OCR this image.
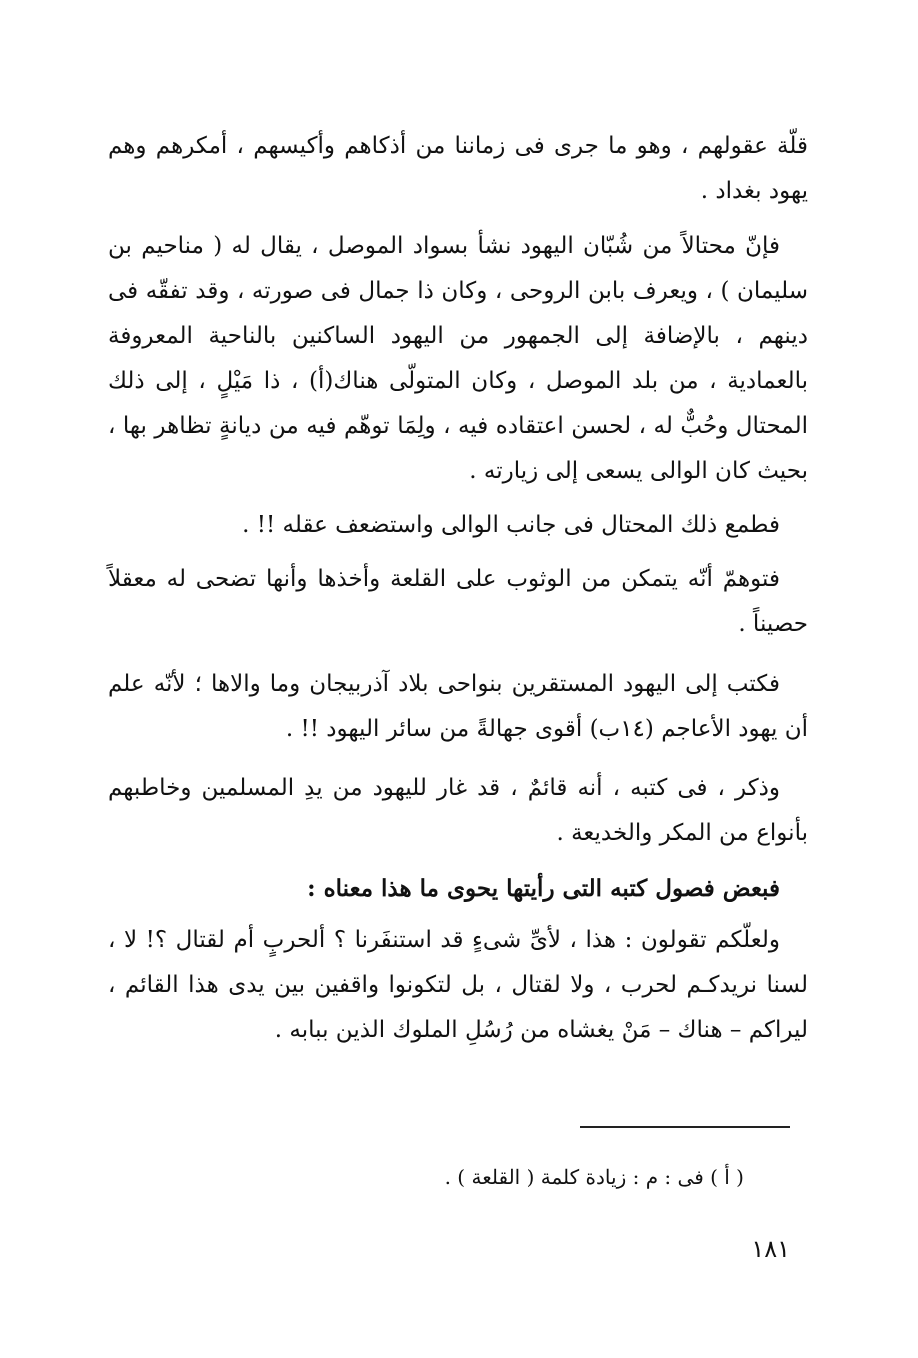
قلّة عقولهم ، وهو ما جرى فى زماننا من أذكاهم وأكيسهم ، أمكرهم وهم يهود بغداد .

فإنّ محتالاً من شُبّان اليهود نشأ بسواد الموصل ، يقال له ( مناحيم بن سليمان ) ، ويعرف بابن الروحى ، وكان ذا جمال فى صورته ، وقد تفقّه فى دينهم ، بالإضافة إلى الجمهور من اليهود الساكنين بالناحية المعروفة بالعمادية ، من بلد الموصل ، وكان المتولّى هناك(أ) ، ذا مَيْلٍ ، إلى ذلك المحتال وحُبٌّ له ، لحسن اعتقاده فيه ، ولِمَا توهّم فيه من ديانةٍ تظاهر بها ، بحيث كان الوالى يسعى إلى زيارته .

فطمع ذلك المحتال فى جانب الوالى واستضعف عقله !! .

فتوهمّ أنّه يتمكن من الوثوب على القلعة وأخذها وأنها تضحى له معقلاً حصيناً .

فكتب إلى اليهود المستقرين بنواحى بلاد آذربيجان وما والاها ؛ لأنّه علم أن يهود الأعاجم (١٤ب) أقوى جهالةً من سائر اليهود !! .

وذكر ، فى كتبه ، أنه قائمٌ ، قد غار لليهود من يدِ المسلمين وخاطبهم بأنواع من المكر والخديعة .

فبعض فصول كتبه التى رأيتها يحوى ما هذا معناه :

ولعلّكم تقولون : هذا ، لأىِّ شىءٍ قد استنفَرنا ؟ ألحربٍ أم لقتال ؟! لا ، لسنا نريدكـم لحرب ، ولا لقتال ، بل لتكونوا واقفين بين يدى هذا القائم ، ليراكم – هناك – مَنْ يغشاه من رُسُلِ الملوك الذين ببابه .

( أ ) فى : م : زيادة كلمة ( القلعة ) .
١٨١
